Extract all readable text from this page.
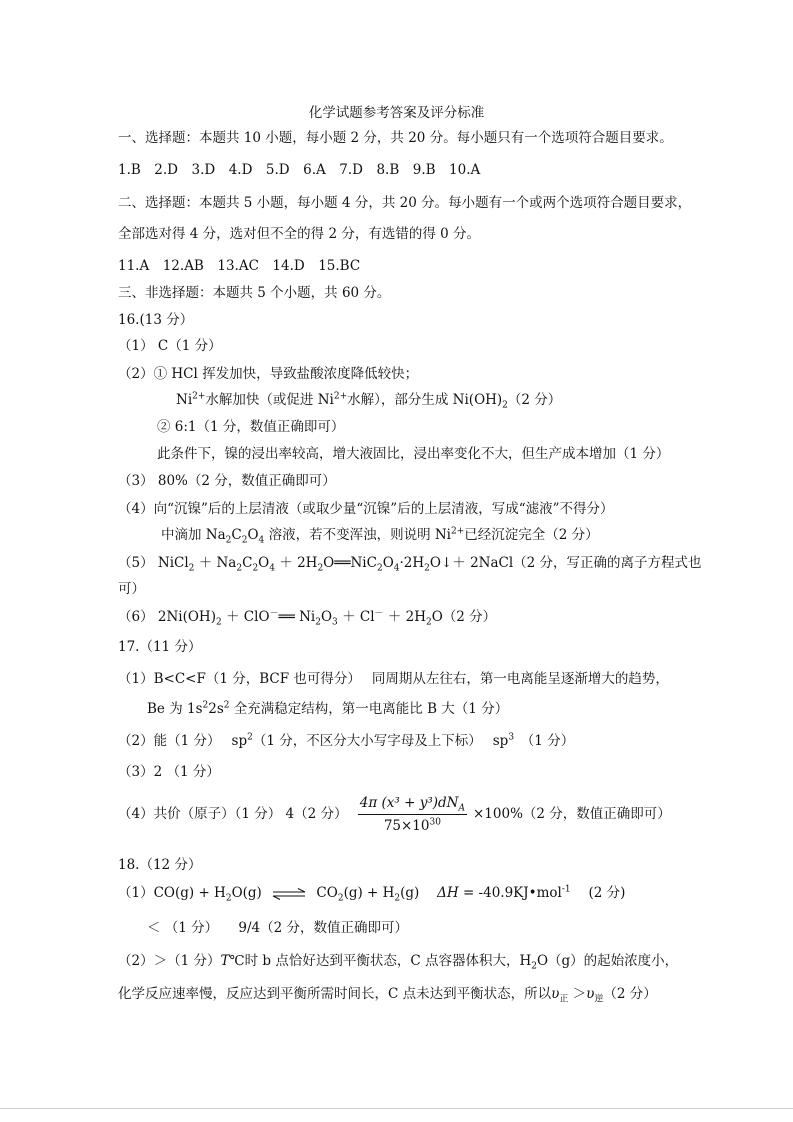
化学试题参考答案及评分标准
一、选择题：本题共 10 小题，每小题 2 分，共 20 分。每小题只有一个选项符合题目要求。
1.B　2.D　3.D　4.D　5.D　6.A　7.D　8.B　9.B　10.A
二、选择题：本题共 5 小题，每小题 4 分，共 20 分。每小题有一个或两个选项符合题目要求，
全部选对得 4 分，选对但不全的得 2 分，有选错的得 0 分。
11.A　12.AB　13.AC　14.D　15.BC
三、非选择题：本题共 5 个小题，共 60 分。
16.(13 分）
（1） C（1 分）
（2）① HCl 挥发加快，导致盐酸浓度降低较快；
$Ni^{2+}$水解加快（或促进 $Ni^{2+}$水解），部分生成 $Ni(OH)_2(2$ 分）
② 6:1（1 分，数值正确即可）
此条件下，镍的浸出率较高，增大液固比，浸出率变化不大，但生产成本增加（1 分）
（3） 80%（2 分，数值正确即可）
（4）向“沉镍”后的上层清液（或取少量“沉镍”后的上层清液，写成“滤液”不得分）
中滴加 $Na_2C_2O_4$ 溶液，若不变浑浊，则说明 $Ni^{2+}$已经沉淀完全（2 分）
（5） NiCl$_2$ ＋ $Na_2C_2O_4$ ＋ $2H_2O══NiC_2O_4\cdot 2H_2O↓+$ 2NaCl（2 分，写正确的离子方程式也
可）
（6） $2Ni(OH)_2$ ＋ ClO－══ $Ni_2O_3 + Cl^- + 2H_2O(2$ 分）
17.（11 分）
（1）B<C<F（1 分，BCF 也可得分）　 同周期从左往右，第一电离能呈逐渐增大的趋势，
Be 为 $1s^22s^2$ 全充满稳定结构，第一电离能比 B 大（1 分）
（2）能（1 分）　 $sp^2(1$ 分，不区分大小写字母及上下标）　 $sp^3$　（1 分）
（3）2 （1 分）
（4）共价（原子）（1 分） 4（2 分） $\frac{4\pi (x^3 + y^3)dN_A}{75\times 10^{30}} \times 100\%(2$ 分，数值正确即可）
18.（12 分）
$(1)CO(g) + H_2O(g)$ ⇌ $CO_2(g) + H_2(g)$　 ΔH = -40.9KJ•mol$^{-1}$　 (2 分)
＜ （1 分）　　9/4（2 分，数值正确即可）
（2）＞（1 分）T℃时 b 点恰好达到平衡状态，C 点容器体积大，$H_2O(g)$的起始浓度小，
化学反应速率慢，反应达到平衡所需时间长，C 点未达到平衡状态，所以$\upsilon_正 >\upsilon_逆(2$ 分）
